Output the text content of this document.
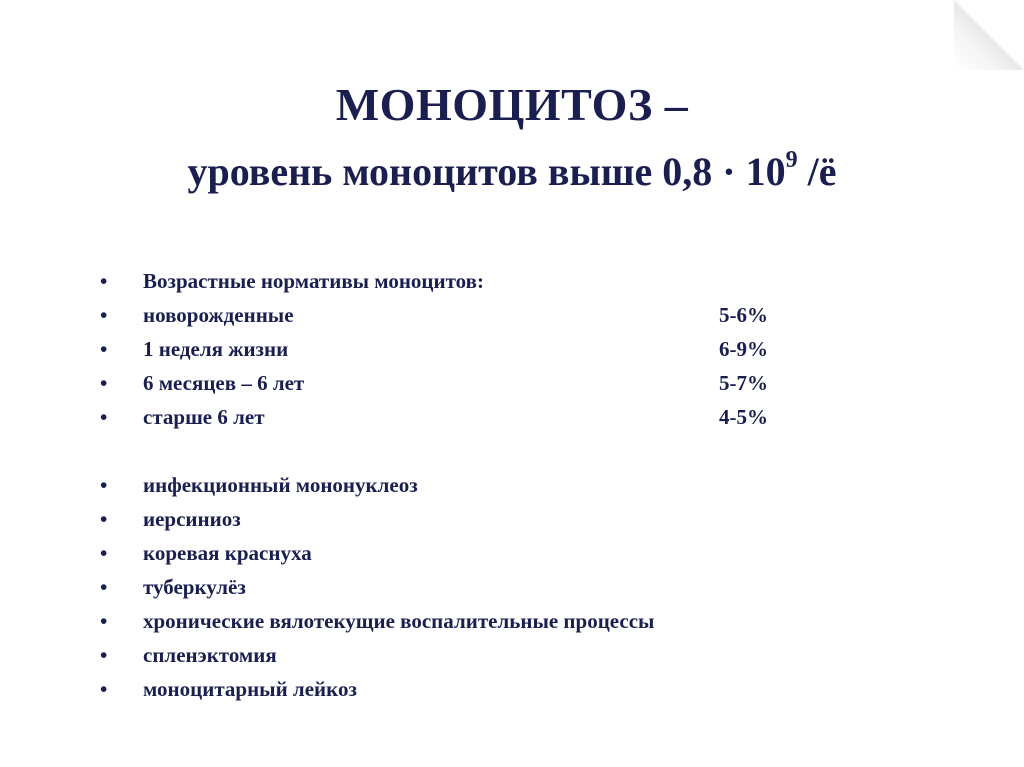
МОНОЦИТОЗ –
уровень моноцитов выше $0,8 \cdot 10^9$ /ё
•	Возрастные нормативы моноцитов:
•	новорожденные	5-6%
•	1 неделя жизни	6-9%
•	6 месяцев – 6 лет	5-7%
•	старше 6 лет	4-5%
•	инфекционный мононуклеоз
•	иерсиниоз
•	коревая краснуха
•	туберкулёз
•	хронические вялотекущие воспалительные процессы
•	спленэктомия
•	моноцитарный лейкоз
